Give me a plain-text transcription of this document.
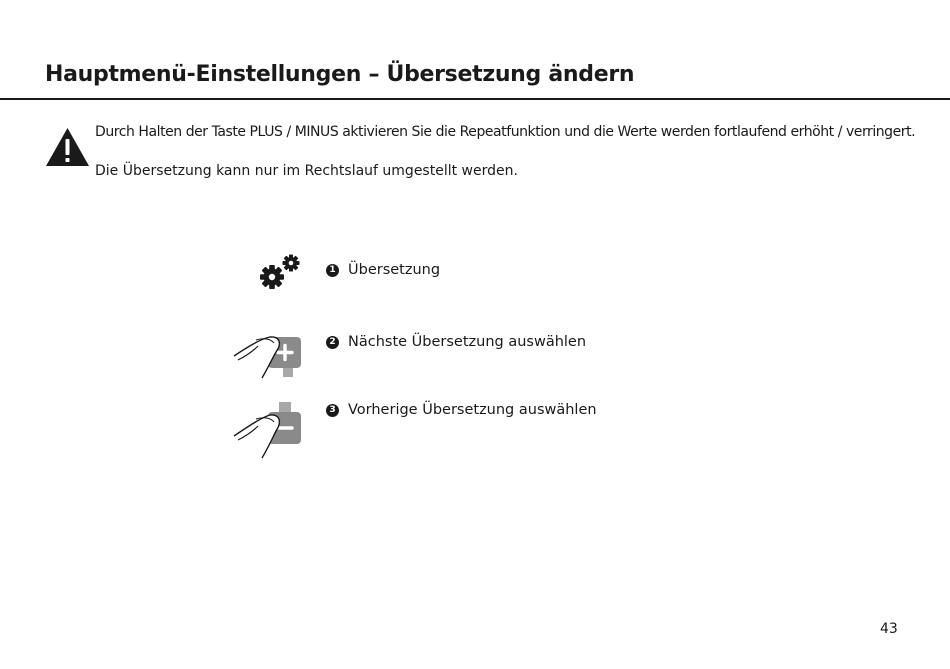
Hauptmenü-Einstellungen – Übersetzung ändern

Durch Halten der Taste PLUS / MINUS aktivieren Sie die Repeatfunktion und die Werte werden fortlaufend erhöht / verringert.

Die Übersetzung kann nur im Rechtslauf umgestellt werden.

1 Übersetzung
2 Nächste Übersetzung auswählen
3 Vorherige Übersetzung auswählen
43
